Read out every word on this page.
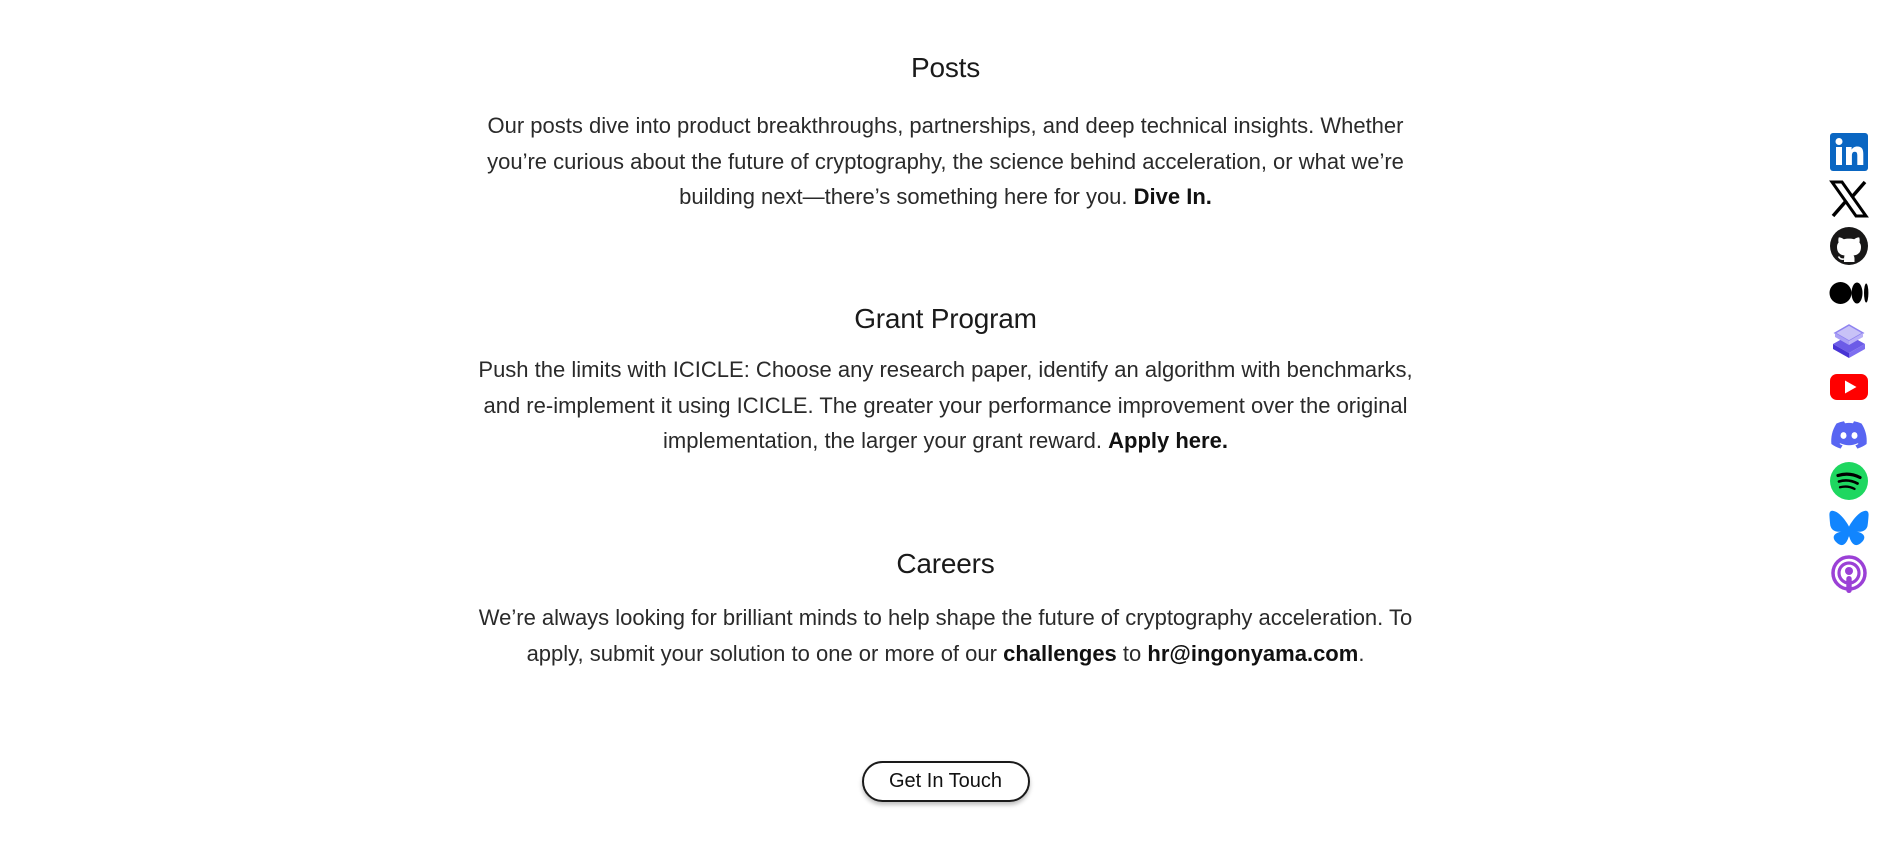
Posts

Our posts dive into product breakthroughs, partnerships, and deep technical insights. Whether you’re curious about the future of cryptography, the science behind acceleration, or what we’re building next—there’s something here for you. Dive In.

Grant Program

Push the limits with ICICLE: Choose any research paper, identify an algorithm with benchmarks, and re-implement it using ICICLE. The greater your performance improvement over the original implementation, the larger your grant reward. Apply here.

Careers

We’re always looking for brilliant minds to help shape the future of cryptography acceleration. To apply, submit your solution to one or more of our challenges to hr@ingonyama.com.

Get In Touch
